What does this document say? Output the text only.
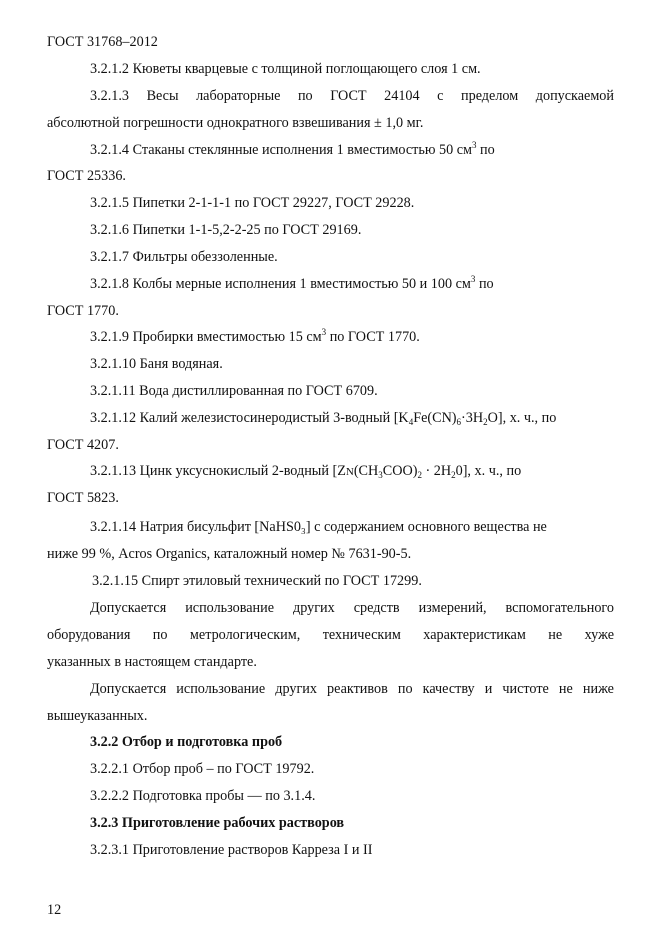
ГОСТ 31768–2012
3.2.1.2 Кюветы кварцевые с толщиной поглощающего слоя 1 см.
3.2.1.3 Весы лабораторные по ГОСТ 24104 с пределом допускаемой
абсолютной погрешности однократного взвешивания ± 1,0 мг.
3.2.1.4 Стаканы стеклянные исполнения 1 вместимостью 50 $см^3$ по
ГОСТ 25336.
3.2.1.5 Пипетки 2-1-1-1 по ГОСТ 29227, ГОСТ 29228.
3.2.1.6 Пипетки 1-1-5,2-2-25 по ГОСТ 29169.
3.2.1.7 Фильтры обеззоленные.
3.2.1.8 Колбы мерные исполнения 1 вместимостью 50 и 100 $см^3$ по
ГОСТ 1770.
3.2.1.9 Пробирки вместимостью 15 $см^3$ по ГОСТ 1770.
3.2.1.10 Баня водяная.
3.2.1.11 Вода дистиллированная по ГОСТ 6709.
3.2.1.12 Калий железистосинеродистый 3-водный $[K_4Fe(CN)_6\cdot 3H_2O]$, х. ч., по
ГОСТ 4207.
3.2.1.13 Цинк уксуснокислый 2-водный $[ZN(CH_3COO)_2 \cdot 2H_20]$, х. ч., по
ГОСТ 5823.
3.2.1.14 Натрия бисульфит [NaHS0₃] с содержанием основного вещества не
ниже 99 %, Acros Organics, каталожный номер № 7631-90-5.
3.2.1.15 Спирт этиловый технический по ГОСТ 17299.
Допускается использование других средств измерений, вспомогательного
оборудования по метрологическим, техническим характеристикам не хуже
указанных в настоящем стандарте.
Допускается использование других реактивов по качеству и чистоте не ниже
вышеуказанных.
3.2.2 Отбор и подготовка проб
3.2.2.1 Отбор проб – по ГОСТ 19792.
3.2.2.2 Подготовка пробы — по 3.1.4.
3.2.3 Приготовление рабочих растворов
3.2.3.1 Приготовление растворов Карреза I и II
12
